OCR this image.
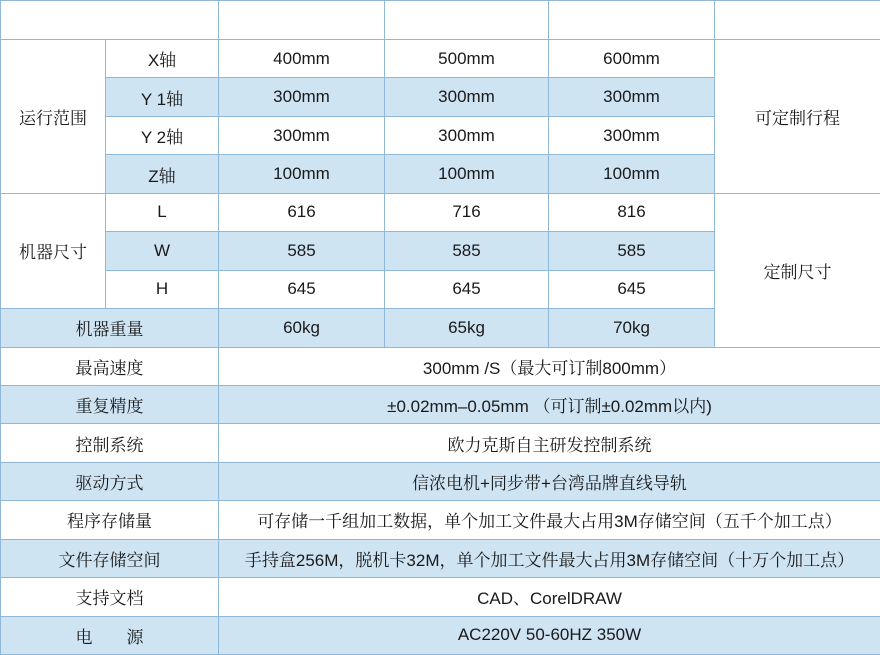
产品型号		OL-D4331	OL-D5331	OL-D6331	定制机型
运行范围	X轴	400mm	500mm	600mm	可定制行程
	Y 1轴	300mm	300mm	300mm	
	Y 2轴	300mm	300mm	300mm	
	Z轴	100mm	100mm	100mm	
机器尺寸	L	616	716	816	定制尺寸
	W	585	585	585	
	H	645	645	645	
机器重量		60kg	65kg	70kg	
最高速度		300mm /S（最大可订制800mm）			
重复精度		±0.02mm–0.05mm （可订制±0.02mm以内)			
控制系统		欧力克斯自主研发控制系统			
驱动方式		信浓电机+同步带+台湾品牌直线导轨			
程序存储量		可存储一千组加工数据，单个加工文件最大占用3M存储空间（五千个加工点）			
文件存储空间		手持盒256M，脱机卡32M，单个加工文件最大占用3M存储空间（十万个加工点）			
支持文档		CAD、CorelDRAW			
电　　源		AC220V 50-60HZ 350W			
